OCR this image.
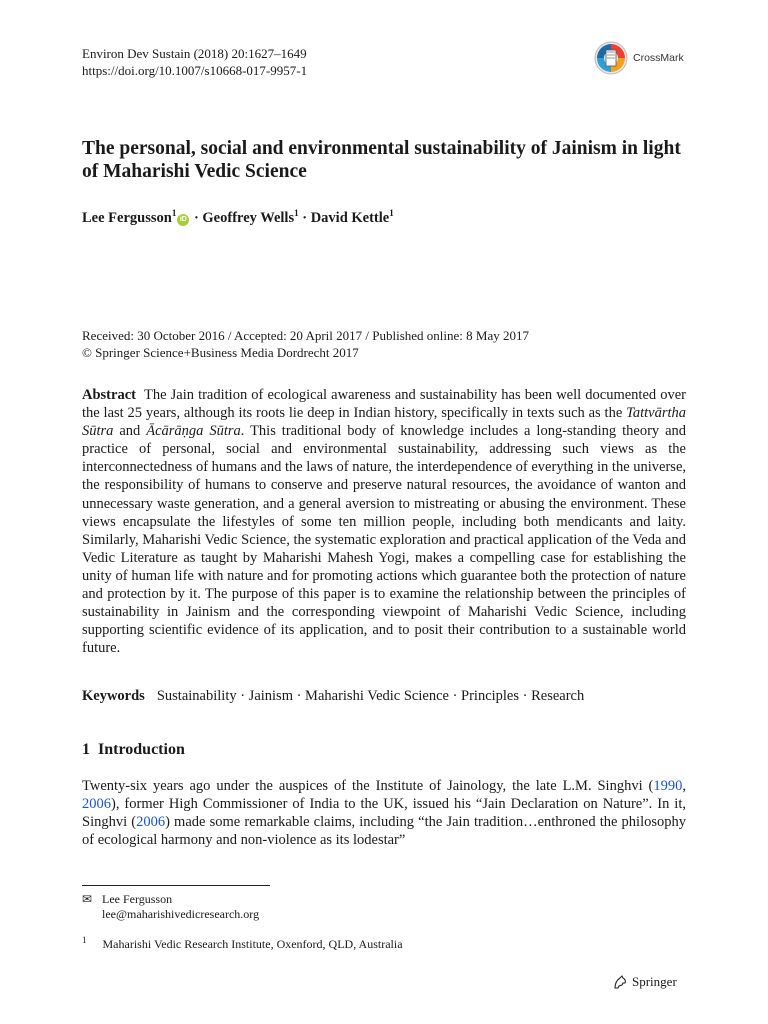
Environ Dev Sustain (2018) 20:1627–1649
https://doi.org/10.1007/s10668-017-9957-1
CrossMark
The personal, social and environmental sustainability of Jainism in light of Maharishi Vedic Science
Lee Fergusson$^1$iD · Geoffrey Wells$^1$ · David Kettle$^1$
Received: 30 October 2016 / Accepted: 20 April 2017 / Published online: 8 May 2017
© Springer Science+Business Media Dordrecht 2017
Abstract The Jain tradition of ecological awareness and sustainability has been well documented over the last 25 years, although its roots lie deep in Indian history, specifically in texts such as the Tattvārtha Sūtra and Ācārāṇga Sūtra. This traditional body of knowledge includes a long-standing theory and practice of personal, social and environmental sustainability, addressing such views as the interconnectedness of humans and the laws of nature, the interdependence of everything in the universe, the responsibility of humans to conserve and preserve natural resources, the avoidance of wanton and unnecessary waste generation, and a general aversion to mistreating or abusing the environment. These views encapsulate the lifestyles of some ten million people, including both mendicants and laity. Similarly, Maharishi Vedic Science, the systematic exploration and practical application of the Veda and Vedic Literature as taught by Maharishi Mahesh Yogi, makes a compelling case for establishing the unity of human life with nature and for promoting actions which guarantee both the protection of nature and protection by it. The purpose of this paper is to examine the relationship between the principles of sustainability in Jainism and the corresponding viewpoint of Maharishi Vedic Science, including supporting scientific evidence of its application, and to posit their contribution to a sustainable world future.
Keywords Sustainability · Jainism · Maharishi Vedic Science · Principles · Research
1 Introduction
Twenty-six years ago under the auspices of the Institute of Jainology, the late L.M. Singhvi (1990, 2006), former High Commissioner of India to the UK, issued his “Jain Declaration on Nature”. In it, Singhvi (2006) made some remarkable claims, including “the Jain tradition…enthroned the philosophy of ecological harmony and non-violence as its lodestar”
✉ Lee Fergusson
lee@maharishivedicresearch.org
$^1$ Maharishi Vedic Research Institute, Oxenford, QLD, Australia
Springer
